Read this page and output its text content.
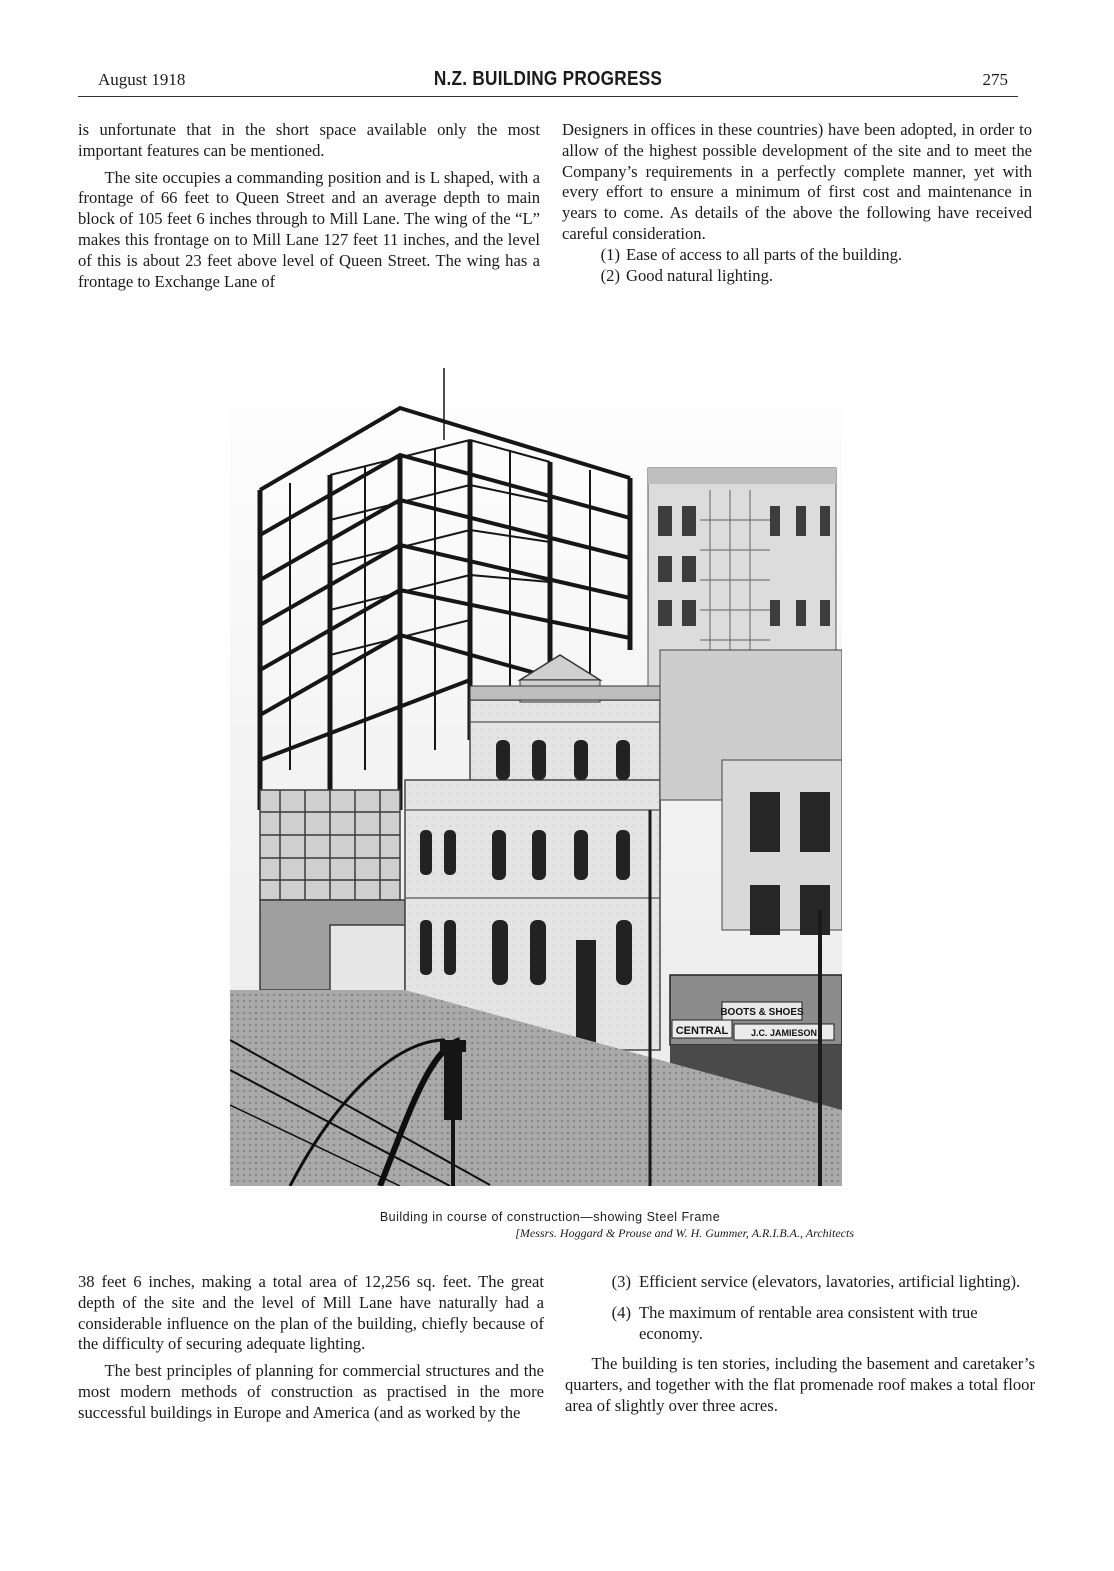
August 1918	N.Z. BUILDING PROGRESS	275

is unfortunate that in the short space available only the most important features can be mentioned.

The site occupies a commanding position and is L shaped, with a frontage of 66 feet to Queen Street and an average depth to main block of 105 feet 6 inches through to Mill Lane. The wing of the “L” makes this frontage on to Mill Lane 127 feet 11 inches, and the level of this is about 23 feet above level of Queen Street. The wing has a frontage to Exchange Lane of

Designers in offices in these countries) have been adopted, in order to allow of the highest possible development of the site and to meet the Company’s requirements in a perfectly complete manner, yet with every effort to ensure a minimum of first cost and maintenance in years to come. As details of the above the following have received careful consideration.

(1) Ease of access to all parts of the building.
(2) Good natural lighting.
BOOTS & SHOES
CENTRAL	J.C. JAMIESON
Building in course of construction—showing Steel Frame
[Messrs. Hoggard & Prouse and W. H. Gummer, A.R.I.B.A., Architects

38 feet 6 inches, making a total area of 12,256 sq. feet. The great depth of the site and the level of Mill Lane have naturally had a considerable influence on the plan of the building, chiefly because of the difficulty of securing adequate lighting.

The best principles of planning for commercial structures and the most modern methods of construction as practised in the more successful buildings in Europe and America (and as worked by the

(3) Efficient service (elevators, lavatories, artificial lighting).
(4) The maximum of rentable area consistent with true economy.

The building is ten stories, including the basement and caretaker’s quarters, and together with the flat promenade roof makes a total floor area of slightly over three acres.
